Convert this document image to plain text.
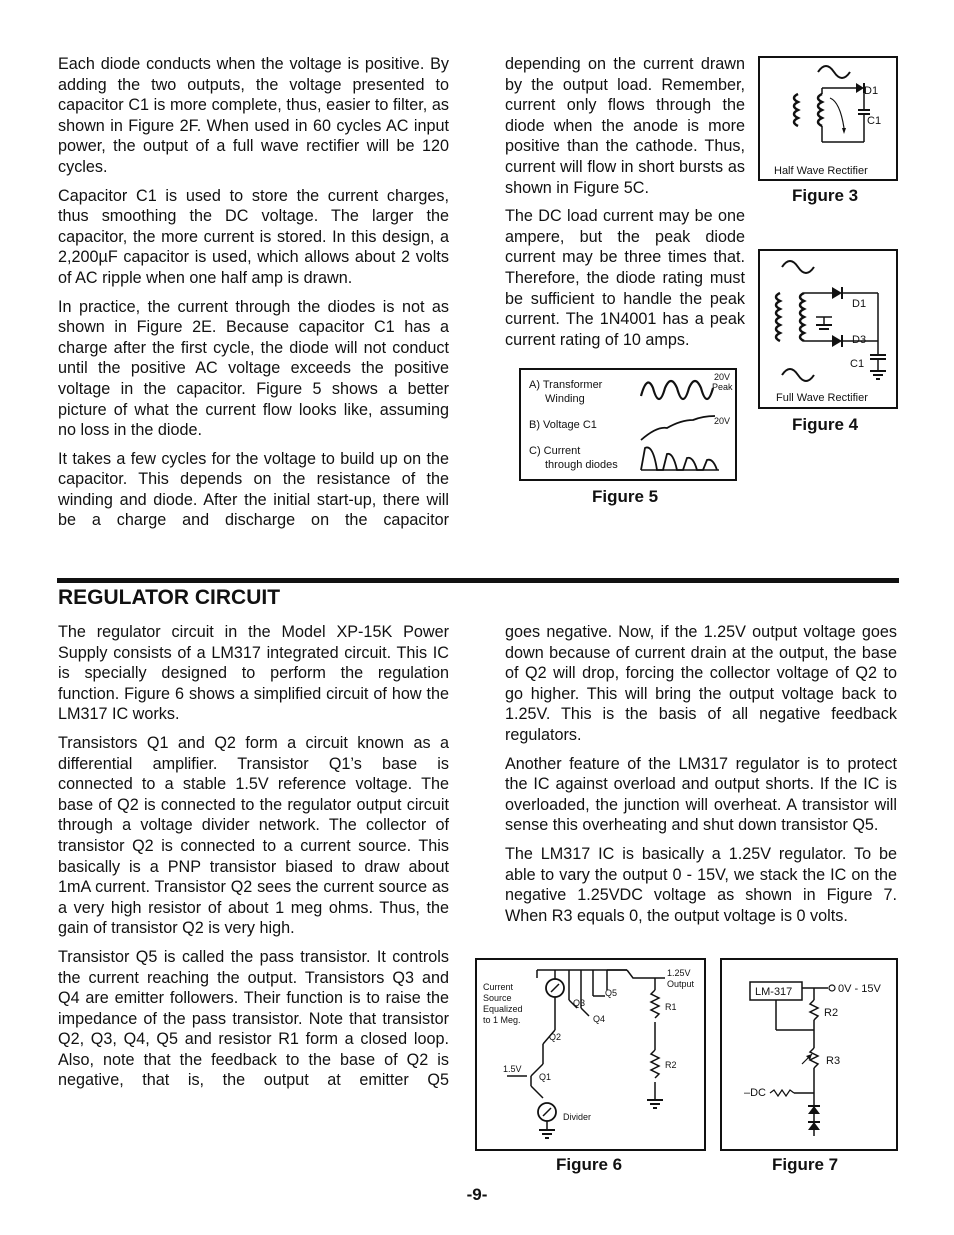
Each diode conducts when the voltage is positive. By adding the two outputs, the voltage presented to capacitor C1 is more complete, thus, easier to filter, as shown in Figure 2F. When used in 60 cycles AC input power, the output of a full wave rectifier will be 120 cycles.

Capacitor C1 is used to store the current charges, thus smoothing the DC voltage. The larger the capacitor, the more current is stored. In this design, a 2,200µF capacitor is used, which allows about 2 volts of AC ripple when one half amp is drawn.

In practice, the current through the diodes is not as shown in Figure 2E. Because capacitor C1 has a charge after the first cycle, the diode will not conduct until the positive AC voltage exceeds the positive voltage in the capacitor. Figure 5 shows a better picture of what the current flow looks like, assuming no loss in the diode.

It takes a few cycles for the voltage to build up on the capacitor. This depends on the resistance of the winding and diode. After the initial start-up, there will be a charge and discharge on the capacitor

depending on the current drawn by the output load. Remember, current only flows through the diode when the anode is more positive than the cathode. Thus, current will flow in short bursts as shown in Figure 5C.

The DC load current may be one ampere, but the peak diode current may be three times that. Therefore, the diode rating must be sufficient to handle the peak current. The 1N4001 has a peak current rating of 10 amps.

D1
C1
Half Wave Rectifier
Figure 3
D1
D3
C1
Full Wave Rectifier
Figure 4
A) Transformer
Winding
B) Voltage C1
C) Current
through diodes
20V
Peak
20V
Figure 5
REGULATOR CIRCUIT

The regulator circuit in the Model XP-15K Power Supply consists of a LM317 integrated circuit. This IC is specially designed to perform the regulation function. Figure 6 shows a simplified circuit of how the LM317 IC works.

Transistors Q1 and Q2 form a circuit known as a differential amplifier. Transistor Q1’s base is connected to a stable 1.5V reference voltage. The base of Q2 is connected to the regulator output circuit through a voltage divider network. The collector of transistor Q2 is connected to a current source. This basically is a PNP transistor biased to draw about 1mA current. Transistor Q2 sees the current source as a very high resistor of about 1 meg ohms. Thus, the gain of transistor Q2 is very high.

Transistor Q5 is called the pass transistor. It controls the current reaching the output. Transistors Q3 and Q4 are emitter followers. Their function is to raise the impedance of the pass transistor. Note that transistor Q2, Q3, Q4, Q5 and resistor R1 form a closed loop. Also, note that the feedback to the base of Q2 is negative, that is, the output at emitter Q5

goes negative. Now, if the 1.25V output voltage goes down because of current drain at the output, the base of Q2 will drop, forcing the collector voltage of Q2 to go higher. This will bring the output voltage back to 1.25V. This is the basis of all negative feedback regulators.

Another feature of the LM317 regulator is to protect the IC against overload and output shorts. If the IC is overloaded, the junction will overheat. A transistor will sense this overheating and shut down transistor Q5.

The LM317 IC is basically a 1.25V regulator. To be able to vary the output 0 - 15V, we stack the IC on the negative 1.25VDC voltage as shown in Figure 7. When R3 equals 0, the output voltage is 0 volts.

Current
Source
Equalized
to 1 Meg.
1.25V
Output
Q3
Q5
Q4
Q2
Q1
R1
R2
1.5V
Divider
Figure 6
LM-317	0V - 15V
R2
R3
–DC
Figure 7
-9-
